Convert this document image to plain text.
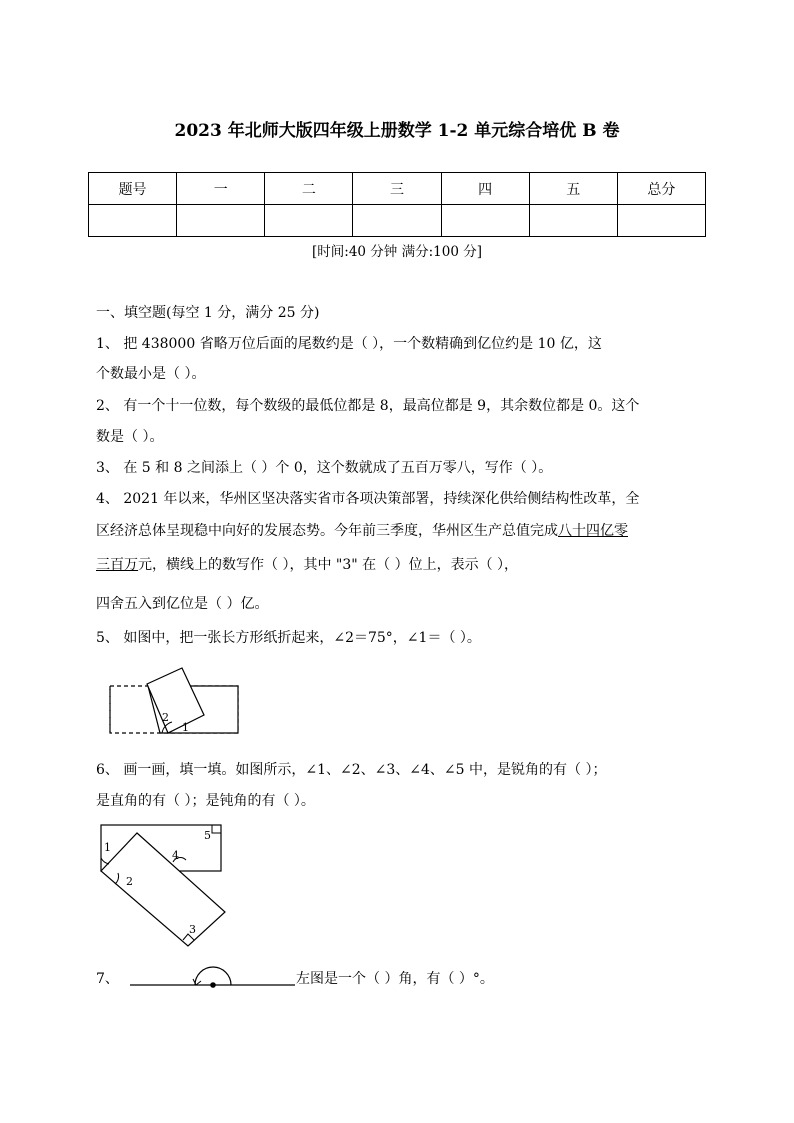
2023 年北师大版四年级上册数学 1-2 单元综合培优 B 卷
题号	一	二	三	四	五	总分

[时间:40 分钟 满分:100 分]
一、填空题(每空 1 分，满分 25 分)
1、 把 438000 省略万位后面的尾数约是（ ），一个数精确到亿位约是 10 亿，这
个数最小是（ ）。
2、 有一个十一位数，每个数级的最低位都是 8，最高位都是 9，其余数位都是 0。这个
数是（ ）。
3、 在 5 和 8 之间添上（ ）个 0，这个数就成了五百万零八，写作（ ）。
4、 2021 年以来，华州区坚决落实省市各项决策部署，持续深化供给侧结构性改革，全
区经济总体呈现稳中向好的发展态势。今年前三季度，华州区生产总值完成八十四亿零
三百万元，横线上的数写作（ ），其中 "3" 在（ ）位上，表示（ ），
四舍五入到亿位是（ ）亿。
5、 如图中，把一张长方形纸折起来，∠2＝75°，∠1＝（ ）。
2
1
1
2
3
4
5
6、 画一画，填一填。如图所示，∠1、∠2、∠3、∠4、∠5 中，是锐角的有（ ）；
是直角的有（ ）；是钝角的有（ ）。
7、	左图是一个（ ）角，有（ ）°。
